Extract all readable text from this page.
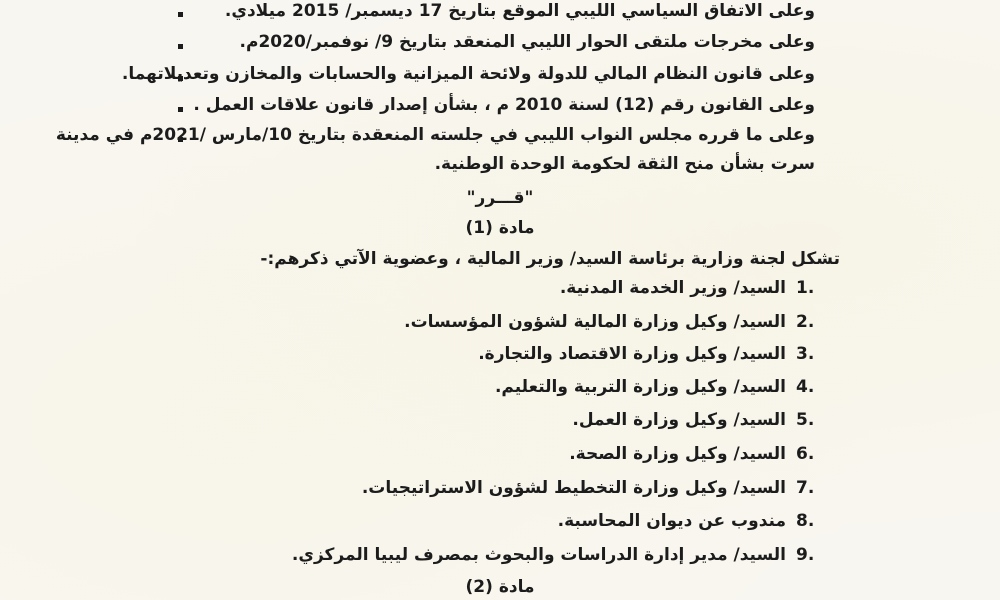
وعلى الاتفاق السياسي الليبي الموقع بتاريخ 17 ديسمبر/ 2015 ميلادي.
وعلى مخرجات ملتقى الحوار الليبي المنعقد بتاريخ 9/ نوفمبر/2020م.
وعلى قانون النظام المالي للدولة ولائحة الميزانية والحسابات والمخازن وتعديلاتهما.
وعلى القانون رقم (12) لسنة 2010 م ، بشأن إصدار قانون علاقات العمل .
وعلى ما قرره مجلس النواب الليبي في جلسته المنعقدة بتاريخ 10/مارس /2021م في مدينة
سرت بشأن منح الثقة لحكومة الوحدة الوطنية.
"قـــرر"
مادة (1)
تشكل لجنة وزارية برئاسة السيد/ وزير المالية ، وعضوية الآتي ذكرهم:-
1.السيد/ وزير الخدمة المدنية.
2.السيد/ وكيل وزارة المالية لشؤون المؤسسات.
3.السيد/ وكيل وزارة الاقتصاد والتجارة.
4.السيد/ وكيل وزارة التربية والتعليم.
5.السيد/ وكيل وزارة العمل.
6.السيد/ وكيل وزارة الصحة.
7.السيد/ وكيل وزارة التخطيط لشؤون الاستراتيجيات.
8.مندوب عن ديوان المحاسبة.
9.السيد/ مدير إدارة الدراسات والبحوث بمصرف ليبيا المركزي.
مادة (2)
